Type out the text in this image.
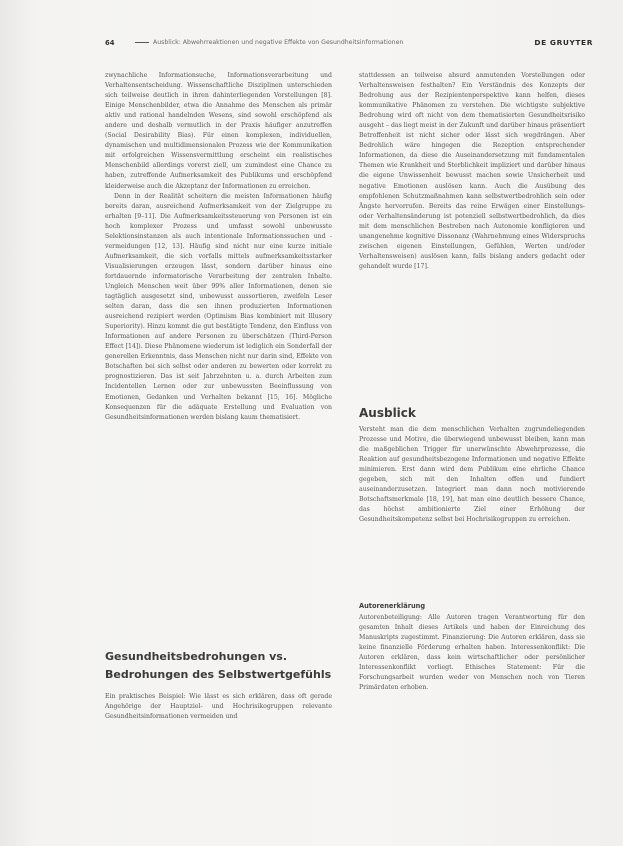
64	Ausblick: Abwehrreaktionen und negative Effekte von Gesundheitsinformationen	DE GRUYTER

zwynachliche Informationsuche, Informationsverarbeitung und Verhaltensentscheidung. Wissenschaftliche Disziplinen unterschieden sich teilweise deutlich in ihren dahinterliegenden Vorstellungen [8]. Einige Menschenbilder, etwa die Annahme des Menschen als primär aktiv und rational handelnden Wesens, sind sowohl erschöpfend als andere und deshalb vermutlich in der Praxis häufiger anzutreffen (Social Desirability Bias). Für einen komplexen, individuellen, dynamischen und multidimensionalen Prozess wie der Kommunikation mit erfolgreichen Wissensvermittlung erscheint ein realistisches Menschenbild allerdings vorerst ziell, um zumindest eine Chance zu haben, zutreffende Aufmerksamkeit des Publikums und erschöpfend kleiderweise auch die Akzeptanz der Informationen zu erreichen.

Denn in der Realität scheitern die meisten Informationen häufig bereits daran, ausreichend Aufmerksamkeit von der Zielgruppe zu erhalten [9–11]. Die Aufmerksamkeitssteuerung von Personen ist ein hoch komplexer Prozess und umfasst sowohl unbewusste Selektionsinstanzen als auch intentionale Informationssuchen und -vermeidungen [12, 13]. Häufig sind nicht nur eine kurze initiale Aufmerksamkeit, die sich vorfalls mittels aufmerksamkeitsstarker Visualisierungen erzeugen lässt, sondern darüber hinaus eine fortdauernde informatorische Verarbeitung der zentralen Inhalte. Ungleich Menschen weit über 99% aller Informationen, denen sie tagtäglich ausgesetzt sind, unbewusst aussortieren, zweifeln Leser selten daran, dass die sen ihnen produzierten Informationen ausreichend rezipiert werden (Optimism Bias kombiniert mit Illusory Superiority). Hinzu kommt die gut bestätigte Tendenz, den Einfluss von Informationen auf andere Personen zu überschätzen (Third-Person Effect [14]). Diese Phänomene wiederum ist lediglich ein Sonderfall der generellen Erkenntnis, dass Menschen nicht nur darin sind, Effekte von Botschaften bei sich selbst oder anderen zu bewerten oder korrekt zu prognostizieren. Das ist seit Jahrzehnten u. a. durch Arbeiten zum Incidentellen Lernen oder zur unbewussten Beeinflussung von Emotionen, Gedanken und Verhalten bekannt [15, 16]. Mögliche Konsequenzen für die adäquate Erstellung und Evaluation von Gesundheitsinformationen werden bislang kaum thematisiert.

Gesundheitsbedrohungen vs. Bedrohungen des Selbstwertgefühls

Ein praktisches Beispiel: Wie lässt es sich erklären, dass oft gerade Angehörige der Hauptziel- und Hochrisikogruppen relevante Gesundheitsinformationen vermeiden und

stattdessen an teilweise absurd anmutenden Vorstellungen oder Verhaltensweisen festhalten? Ein Verständnis des Konzepts der Bedrohung aus der Rezipientenperspektive kann helfen, dieses kommunikative Phänomen zu verstehen. Die wichtigste subjektive Bedrohung wird oft nicht von dem thematisierten Gesundheitsrisiko ausgeht – das liegt meist in der Zukunft und darüber hinaus präsentiert Betroffenheit ist nicht sicher oder lässt sich wegdrängen. Aber Bedrohlich wäre hingegen die Rezeption entsprechender Informationen, da diese die Auseinandersetzung mit fundamentalen Themen wie Krankheit und Sterblichkeit impliziert und darüber hinaus die eigene Unwissenheit bewusst machen sowie Unsicherheit und negative Emotionen auslösen kann. Auch die Ausübung des empfohlenen Schutzmaßnahmen kann selbstwertbedrohlich sein oder Ängste hervorrufen. Bereits das reine Erwägen einer Einstellungs- oder Verhaltensänderung ist potenziell selbstwertbedrohlich, da dies mit dem menschlichen Bestreben nach Autonomie konfligieren und unangenehme kognitive Dissonanz (Wahrnehmung eines Widerspruchs zwischen eigenen Einstellungen, Gefühlen, Werten und/oder Verhaltensweisen) auslösen kann, falls bislang anders gedacht oder gehandelt wurde [17].

Ausblick

Versteht man die dem menschlichen Verhalten zugrundeliegenden Prozesse und Motive, die überwiegend unbewusst bleiben, kann man die maßgeblichen Trigger für unerwünschte Abwehrprozesse, die Reaktion auf gesundheitsbezogene Informationen und negative Effekte minimieren. Erst dann wird dem Publikum eine ehrliche Chance gegeben, sich mit den Inhalten offen und fundiert auseinanderzusetzen. Integriert man dann noch motivierende Botschaftsmerkmale [18, 19], hat man eine deutlich bessere Chance, das höchst ambitionierte Ziel einer Erhöhung der Gesundheitskompetenz selbst bei Hochrisikogruppen zu erreichen.

Autorenerklärung

Autorenbeteiligung: Alle Autoren tragen Verantwortung für den gesamten Inhalt dieses Artikels und haben der Einreichung des Manuskripts zugestimmt. Finanzierung: Die Autoren erklären, dass sie keine finanzielle Förderung erhalten haben. Interessenkonflikt: Die Autoren erklären, dass kein wirtschaftlicher oder persönlicher Interessenkonflikt vorliegt. Ethisches Statement: Für die Forschungsarbeit wurden weder von Menschen noch von Tieren Primärdaten erhoben.
